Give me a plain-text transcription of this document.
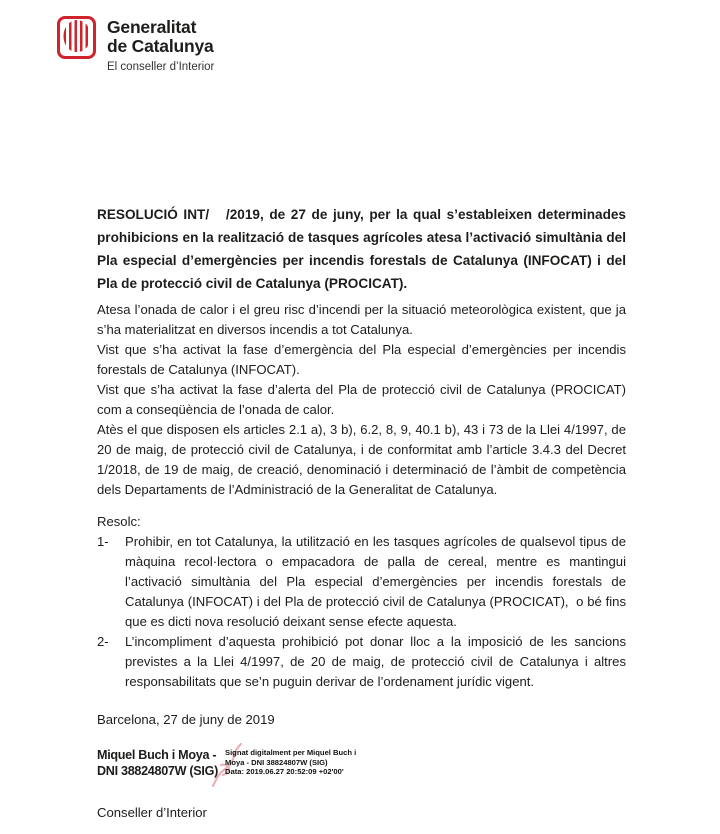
Generalitat
de Catalunya
El conseller d’Interior

RESOLUCIÓ INT/   /2019, de 27 de juny, per la qual s’estableixen determinades prohibicions en la realització de tasques agrícoles atesa l’activació simultània del Pla especial d’emergències per incendis forestals de Catalunya (INFOCAT) i del Pla de protecció civil de Catalunya (PROCICAT).

Atesa l’onada de calor i el greu risc d’incendi per la situació meteorològica existent, que ja s’ha materialitzat en diversos incendis a tot Catalunya.

Vist que s’ha activat la fase d’emergència del Pla especial d’emergències per incendis forestals de Catalunya (INFOCAT).

Vist que s’ha activat la fase d’alerta del Pla de protecció civil de Catalunya (PROCICAT) com a conseqüència de l’onada de calor.

Atès el que disposen els articles 2.1 a), 3 b), 6.2, 8, 9, 40.1 b), 43 i 73 de la Llei 4/1997, de 20 de maig, de protecció civil de Catalunya, i de conformitat amb l’article 3.4.3 del Decret 1/2018, de 19 de maig, de creació, denominació i determinació de l’àmbit de competència dels Departaments de l’Administració de la Generalitat de Catalunya.

Resolc:

1-	Prohibir, en tot Catalunya, la utilització en les tasques agrícoles de qualsevol tipus de màquina recol·lectora o empacadora de palla de cereal, mentre es mantingui l’activació simultània del Pla especial d’emergències per incendis forestals de Catalunya (INFOCAT) i del Pla de protecció civil de Catalunya (PROCICAT),  o bé fins que es dicti nova resolució deixant sense efecte aquesta.
2-	L’incompliment d’aquesta prohibició pot donar lloc a la imposició de les sancions previstes a la Llei 4/1997, de 20 de maig, de protecció civil de Catalunya i altres responsabilitats que se’n puguin derivar de l’ordenament jurídic vigent.

Barcelona, 27 de juny de 2019

Miquel Buch i Moya -
DNI 38824807W (SIG)
Signat digitalment per Miquel Buch i
Moya - DNI 38824807W (SIG)
Data: 2019.06.27 20:52:09 +02'00'

Conseller d’Interior
